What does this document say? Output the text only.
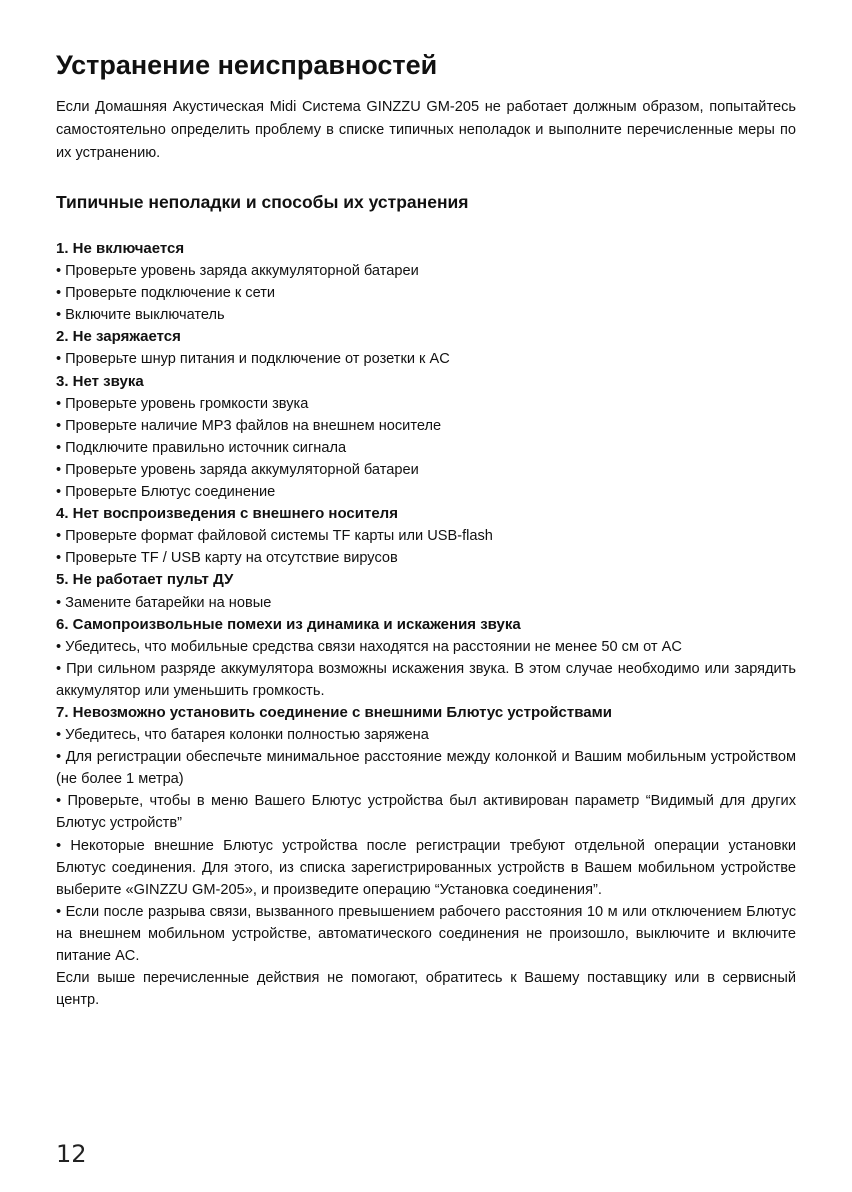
Устранение неисправностей

Если Домашняя Акустическая Midi Система GINZZU GM-205 не работает должным образом, попытайтесь самостоятельно определить проблему в списке типичных неполадок и выполните перечисленные меры по их устранению.

Типичные неполадки и способы их устранения
1. Не включается

• Проверьте уровень заряда аккумуляторной батареи

• Проверьте подключение к сети

• Включите выключатель

2. Не заряжается

• Проверьте шнур питания и подключение от розетки к AC

3. Нет звука

• Проверьте уровень громкости звука

• Проверьте наличие MP3 файлов на внешнем носителе

• Подключите правильно источник сигнала

• Проверьте уровень заряда аккумуляторной батареи

• Проверьте Блютус соединение

4. Нет воспроизведения с внешнего носителя

• Проверьте формат файловой системы TF карты или USB-flash

• Проверьте TF / USB карту на отсутствие вирусов

5. Не работает пульт ДУ

• Замените батарейки на новые

6. Самопроизвольные помехи из динамика и искажения звука

• Убедитесь, что мобильные средства связи находятся на расстоянии не менее 50 см от AC

• При сильном разряде аккумулятора возможны искажения звука. В этом случае необходимо или зарядить аккумулятор или уменьшить громкость.

7. Невозможно установить соединение с внешними Блютус устройствами

• Убедитесь, что батарея колонки полностью заряжена

• Для регистрации обеспечьте минимальное расстояние между колонкой и Вашим мобильным устройством (не более 1 метра)

• Проверьте, чтобы в меню Вашего Блютус устройства был активирован параметр “Видимый для других Блютус устройств”

• Некоторые внешние Блютус устройства после регистрации требуют отдельной операции установки Блютус соединения. Для этого, из списка зарегистрированных устройств в Вашем мобильном устройстве выберите «GINZZU GM-205», и произведите операцию “Установка соединения”.

• Если после разрыва связи, вызванного превышением рабочего расстояния 10 м или отключением Блютус на внешнем мобильном устройстве, автоматического соединения не произошло, выключите и включите питание AC.

Если выше перечисленные действия не помогают, обратитесь к Вашему поставщику или в сервисный центр.

12
